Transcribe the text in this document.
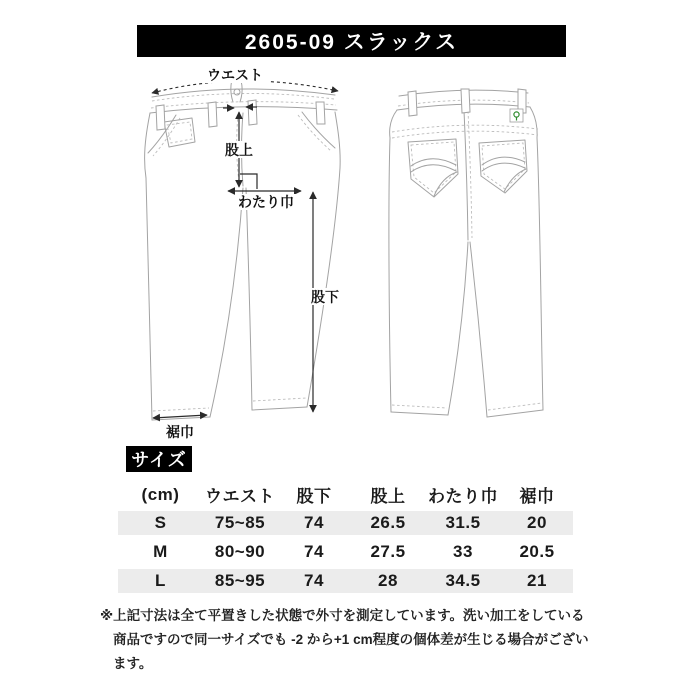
2605-09 スラックス
ウエスト
股上
わたり巾
股下
裾巾
サイズ
(cm)	ウエスト	股下	股上	わたり巾	裾巾
S	75~85	74	26.5	31.5	20
M	80~90	74	27.5	33	20.5
L	85~95	74	28	34.5	21
※上記寸法は全て平置きした状態で外寸を測定しています。洗い加工をしている
商品ですので同一サイズでも -2 から+1 cm程度の個体差が生じる場合がござい
ます。
